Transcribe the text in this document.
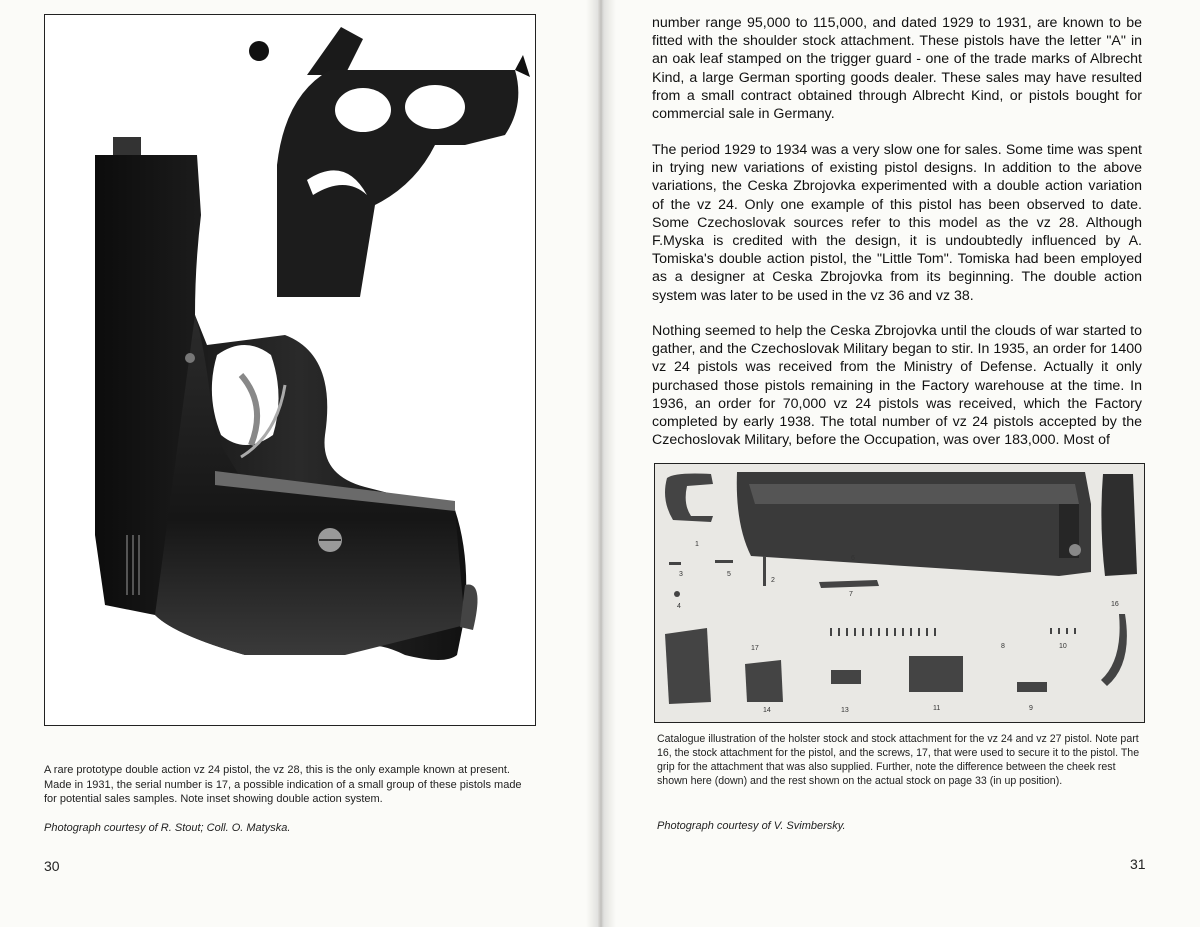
A rare prototype double action vz 24 pistol, the vz 28, this is the only example known at present. Made in 1931, the serial number is 17, a possible indication of a small group of these pistols made for potential sales samples. Note inset showing double action system.
Photograph courtesy of R. Stout; Coll. O. Matyska.
30
number range 95,000 to 115,000, and dated 1929 to 1931, are known to be fitted with the shoulder stock attachment. These pistols have the letter "A" in an oak leaf stamped on the trigger guard - one of the trade marks of Albrecht Kind, a large German sporting goods dealer. These sales may have resulted from a small contract obtained through Albrecht Kind, or pistols bought for commercial sale in Germany.
The period 1929 to 1934 was a very slow one for sales. Some time was spent in trying new variations of existing pistol designs. In addition to the above variations, the Ceska Zbrojovka experimented with a double action variation of the vz 24. Only one example of this pistol has been observed to date. Some Czechoslovak sources refer to this model as the vz 28. Although F.Myska is credited with the design, it is undoubtedly influenced by A. Tomiska's double action pistol, the "Little Tom". Tomiska had been employed as a designer at Ceska Zbrojovka from its beginning. The double action system was later to be used in the vz 36 and vz 38.
Nothing seemed to help the Ceska Zbrojovka until the clouds of war started to gather, and the Czechoslovak Military began to stir. In 1935, an order for 1400 vz 24 pistols was received from the Ministry of Defense. Actually it only purchased those pistols remaining in the Factory warehouse at the time. In 1936, an order for 70,000 vz 24 pistols was received, which the Factory completed by early 1938. The total number of vz 24 pistols accepted by the Czechoslovak Military, before the Occupation, was over 183,000. Most of
1
3	5
2
6
7
4	16
17	8	10
14	13	11	9
Catalogue illustration of the holster stock and stock attachment for the vz 24 and vz 27 pistol. Note part 16, the stock attachment for the pistol, and the screws, 17, that were used to secure it to the pistol. The grip for the attachment that was also supplied. Further, note the difference between the cheek rest shown here (down) and the rest shown on the actual stock on page 33 (in up position).
Photograph courtesy of V. Svimbersky.
31
